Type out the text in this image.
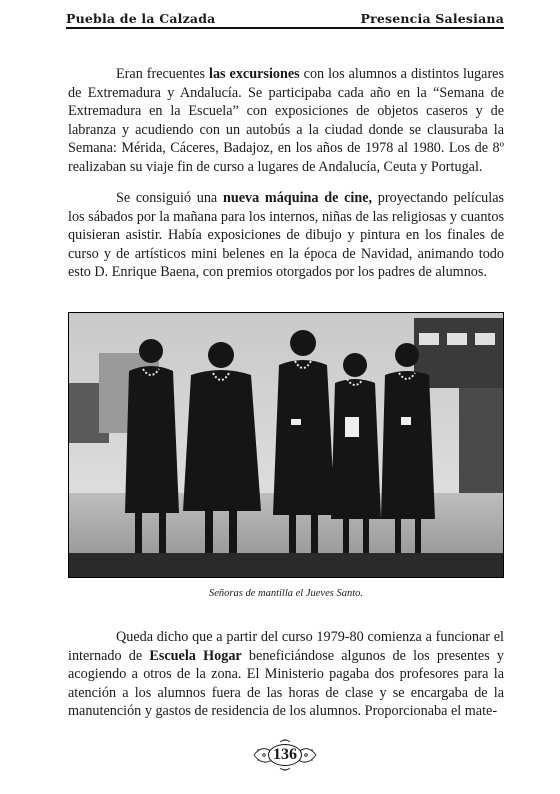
Puebla de la Calzada	Presencia Salesiana

Eran frecuentes las excursiones con los alumnos a distintos lugares de Extremadura y Andalucía. Se participaba cada año en la “Semana de Extremadura en la Escuela” con exposiciones de objetos caseros y de labranza y acudiendo con un autobús a la ciudad donde se clausuraba la Semana: Mérida, Cáceres, Badajoz, en los años de 1978 al 1980. Los de 8º realizaban su viaje fin de curso a lugares de Andalucía, Ceuta y Portugal.

Se consiguió una nueva máquina de cine, proyectando películas los sábados por la mañana para los internos, niñas de las religiosas y cuantos quisieran asistir. Había exposiciones de dibujo y pintura en los finales de curso y de artísticos mini belenes en la época de Navidad, animando todo esto D. Enrique Baena, con premios otorgados por los padres de alumnos.

Señoras de mantilla el Jueves Santo.

Queda dicho que a partir del curso 1979-80 comienza a funcionar el internado de Escuela Hogar beneficiándose algunos de los presentes y acogiendo a otros de la zona. El Ministerio pagaba dos profesores para la atención a los alumnos fuera de las horas de clase y se encargaba de la manutención y gastos de residencia de los alumnos. Proporcionaba el mate-

136
